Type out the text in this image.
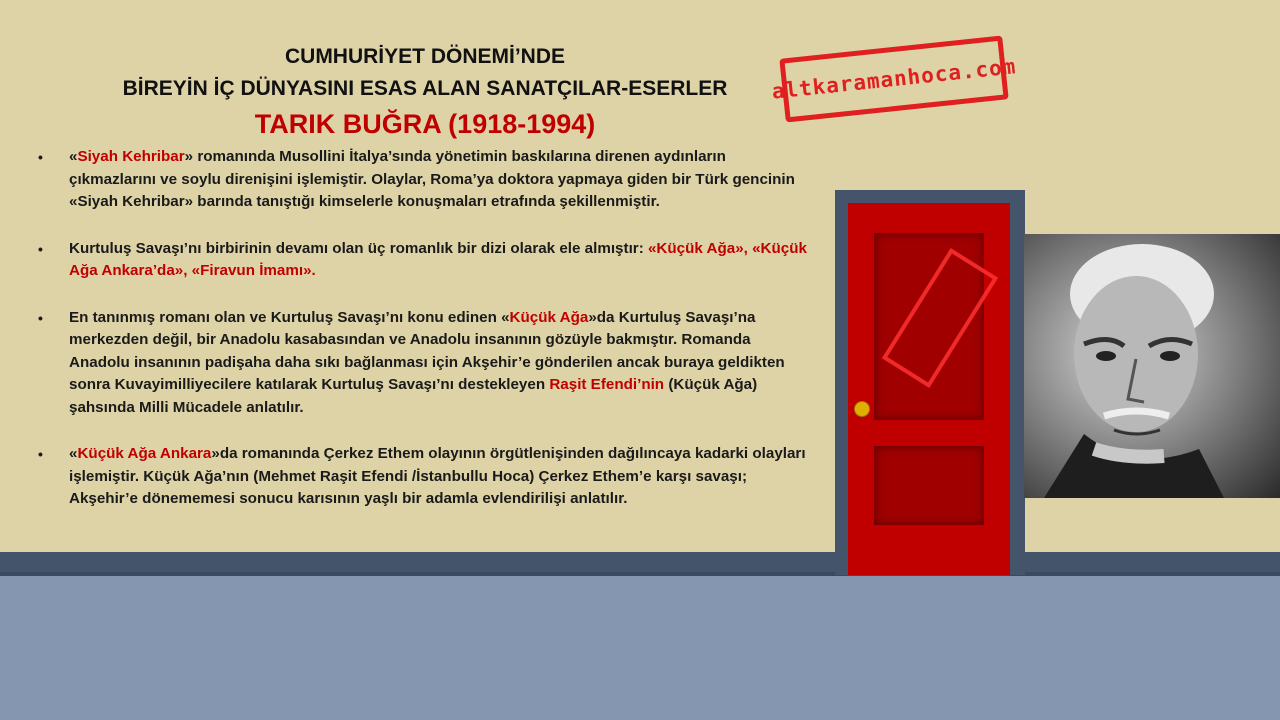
CUMHURİYET DÖNEMİ’NDE
BİREYİN İÇ DÜNYASINI ESAS ALAN SANATÇILAR-ESERLER
TARIK BUĞRA (1918-1994)
• «Siyah Kehribar» romanında Musollini İtalya’sında yönetimin baskılarına direnen aydınların çıkmazlarını ve soylu direnişini işlemiştir. Olaylar, Roma’ya doktora yapmaya giden bir Türk gencinin «Siyah Kehribar» barında tanıştığı kimselerle konuşmaları etrafında şekillenmiştir.
• Kurtuluş Savaşı’nı birbirinin devamı olan üç romanlık bir dizi olarak ele almıştır: «Küçük Ağa», «Küçük Ağa Ankara’da», «Firavun İmamı».
• En tanınmış romanı olan ve Kurtuluş Savaşı’nı konu edinen «Küçük Ağa»da Kurtuluş Savaşı’na merkezden değil, bir Anadolu kasabasından ve Anadolu insanının gözüyle bakmıştır. Romanda Anadolu insanının padişaha daha sıkı bağlanması için Akşehir’e gönderilen ancak buraya geldikten sonra Kuvayimilliyecilere katılarak Kurtuluş Savaşı’nı destekleyen Raşit Efendi’nin (Küçük Ağa) şahsında Milli Mücadele anlatılır.
• «Küçük Ağa Ankara»da romanında Çerkez Ethem olayının örgütlenişinden dağılıncaya kadarki olayları işlemiştir. Küçük Ağa’nın (Mehmet Raşit Efendi /İstanbullu Hoca) Çerkez Ethem’e karşı savaşı; Akşehir’e dönememesi sonucu karısının yaşlı bir adamla evlendirilişi anlatılır.
altkaramanhoca.com
